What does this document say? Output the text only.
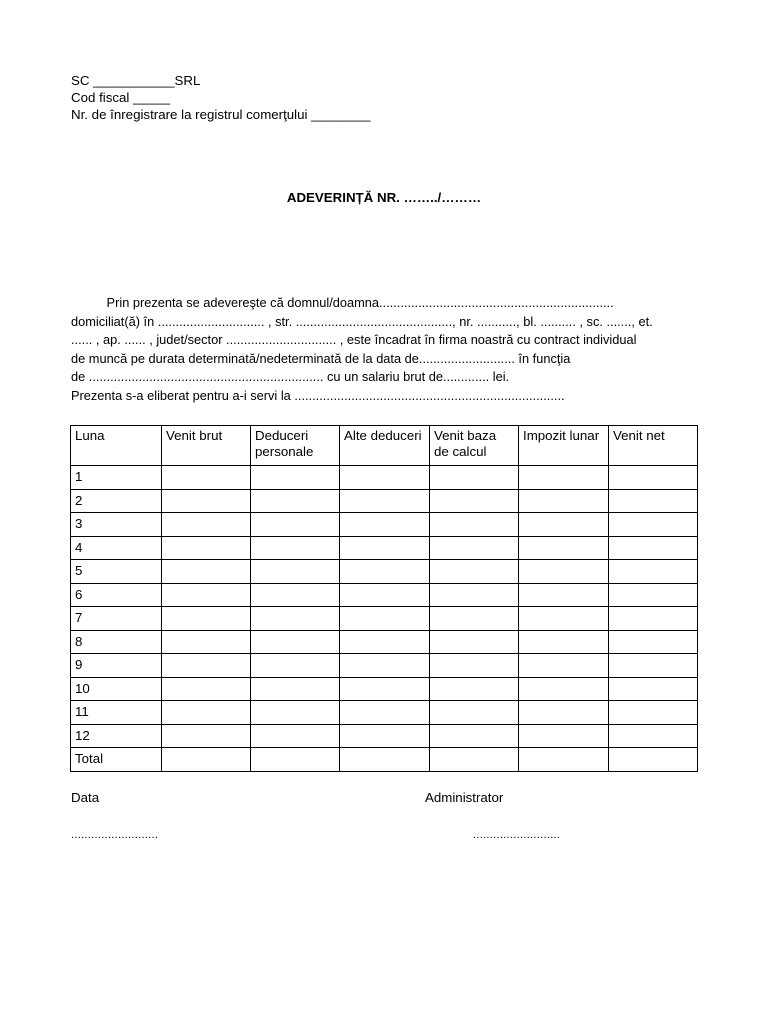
SC ___________SRL
Cod fiscal _____
Nr. de înregistrare la registrul comerţului ________
ADEVERINȚĂ NR. ……../………
Prin prezenta se adevereşte că domnul/doamna..................................................................
domiciliat(ă) în .............................. , str. ............................................, nr. ..........., bl. .......... , sc. ......., et.
...... , ap. ...... , judet/sector ............................... , este încadrat în firma noastră cu contract individual
de muncă pe durata determinată/nedeterminată de la data de........................... în funcţia
de .................................................................. cu un salariu brut de............. lei.
Prezenta s-a eliberat pentru a-i servi la ............................................................................
Luna	Venit brut	Deduceri personale	Alte deduceri	Venit baza de calcul	Impozit lunar	Venit net
1						
2						
3						
4						
5						
6						
7						
8						
9						
10						
11						
12						
Total						
Data
..........................
Administrator
..........................
